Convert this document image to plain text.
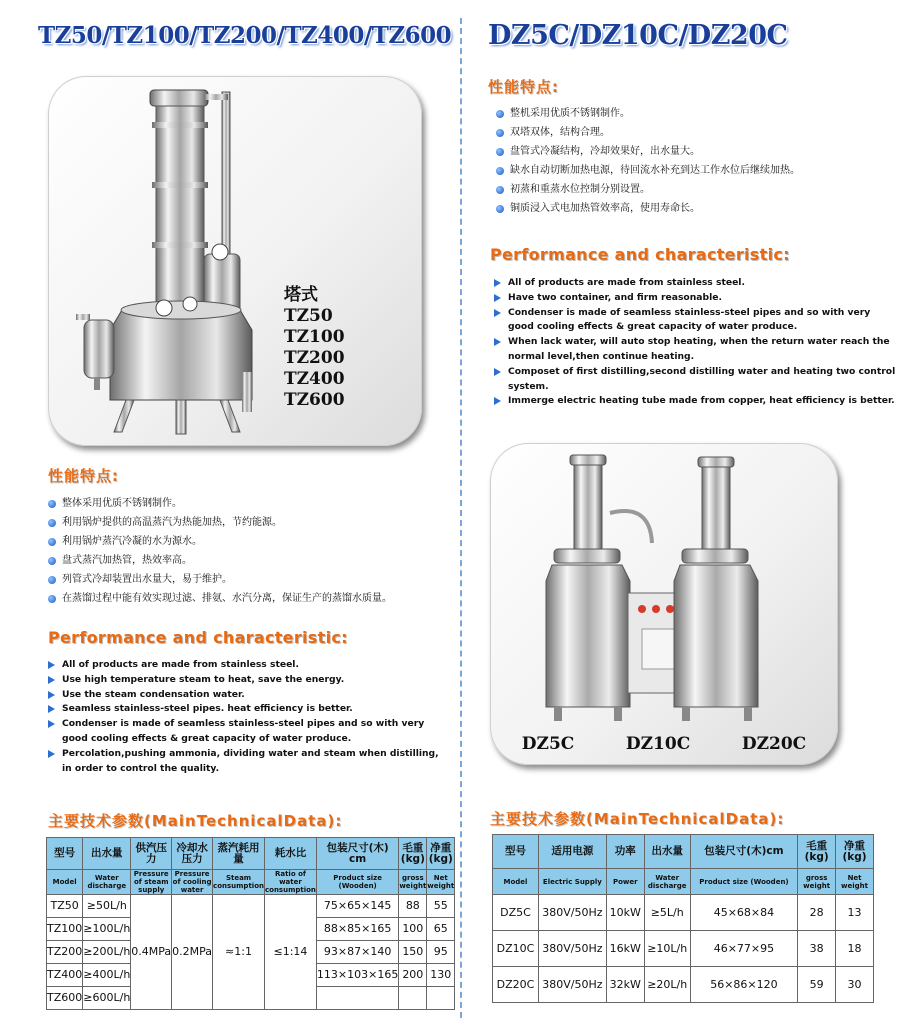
TZ50/TZ100/TZ200/TZ400/TZ600
塔式
TZ50
TZ100
TZ200
TZ400
TZ600
性能特点:
整体采用优质不锈钢制作。
利用锅炉提供的高温蒸汽为热能加热，节约能源。
利用锅炉蒸汽冷凝的水为源水。
盘式蒸汽加热管，热效率高。
列管式冷却装置出水量大，易于维护。
在蒸馏过程中能有效实现过滤、排氨、水汽分离，保证生产的蒸馏水质量。
Performance and characteristic:
All of products are made from stainless steel.
Use high temperature steam to heat, save the energy.
Use the steam condensation water.
Seamless stainless-steel pipes. heat efficiency is better.
Condenser is made of seamless stainless-steel pipes and so with very good cooling effects & great capacity of water produce.
Percolation,pushing ammonia, dividing water and steam when distilling, in order to control the quality.
主要技术参数(MainTechnicalData):
型号	出水量	供汽压力	冷却水压力	蒸汽耗用量	耗水比	包装尺寸(木) cm	毛重(kg)	净重(kg)
Model	Water discharge	Pressure of steam supply	Pressure of cooling water	Steam consumption	Ratio of water consumption	Product size (Wooden)	gross weight	Net weight
TZ50	≥50L/h	0.4MPa	0.2MPa	≈1:1	≤1:14	75×65×145	88	55
TZ100	≥100L/h					88×85×165	100	65
TZ200	≥200L/h					93×87×140	150	95
TZ400	≥400L/h					113×103×165	200	130
TZ600	≥600L/h							
DZ5C/DZ10C/DZ20C
性能特点:
整机采用优质不锈钢制作。
双塔双体，结构合理。
盘管式冷凝结构，冷却效果好，出水量大。
缺水自动切断加热电源，待回流水补充到达工作水位后继续加热。
初蒸和重蒸水位控制分别设置。
铜质浸入式电加热管效率高，使用寿命长。
Performance and characteristic:
All of products are made from stainless steel.
Have two container, and firm reasonable.
Condenser is made of seamless stainless-steel pipes and so with very good cooling effects & great capacity of water produce.
When lack water, will auto stop heating, when the return water reach the normal level,then continue heating.
Composet of first distilling,second distilling water and heating two control system.
Immerge electric heating tube made from copper, heat efficiency is better.
DZ5C	DZ10C	DZ20C
主要技术参数(MainTechnicalData):
型号	适用电源	功率	出水量	包装尺寸(木)cm	毛重(kg)	净重(kg)
Model	Electric Supply	Power	Water discharge	Product size (Wooden)	gross weight	Net weight
DZ5C	380V/50Hz	10kW	≥5L/h	45×68×84	28	13
DZ10C	380V/50Hz	16kW	≥10L/h	46×77×95	38	18
DZ20C	380V/50Hz	32kW	≥20L/h	56×86×120	59	30
